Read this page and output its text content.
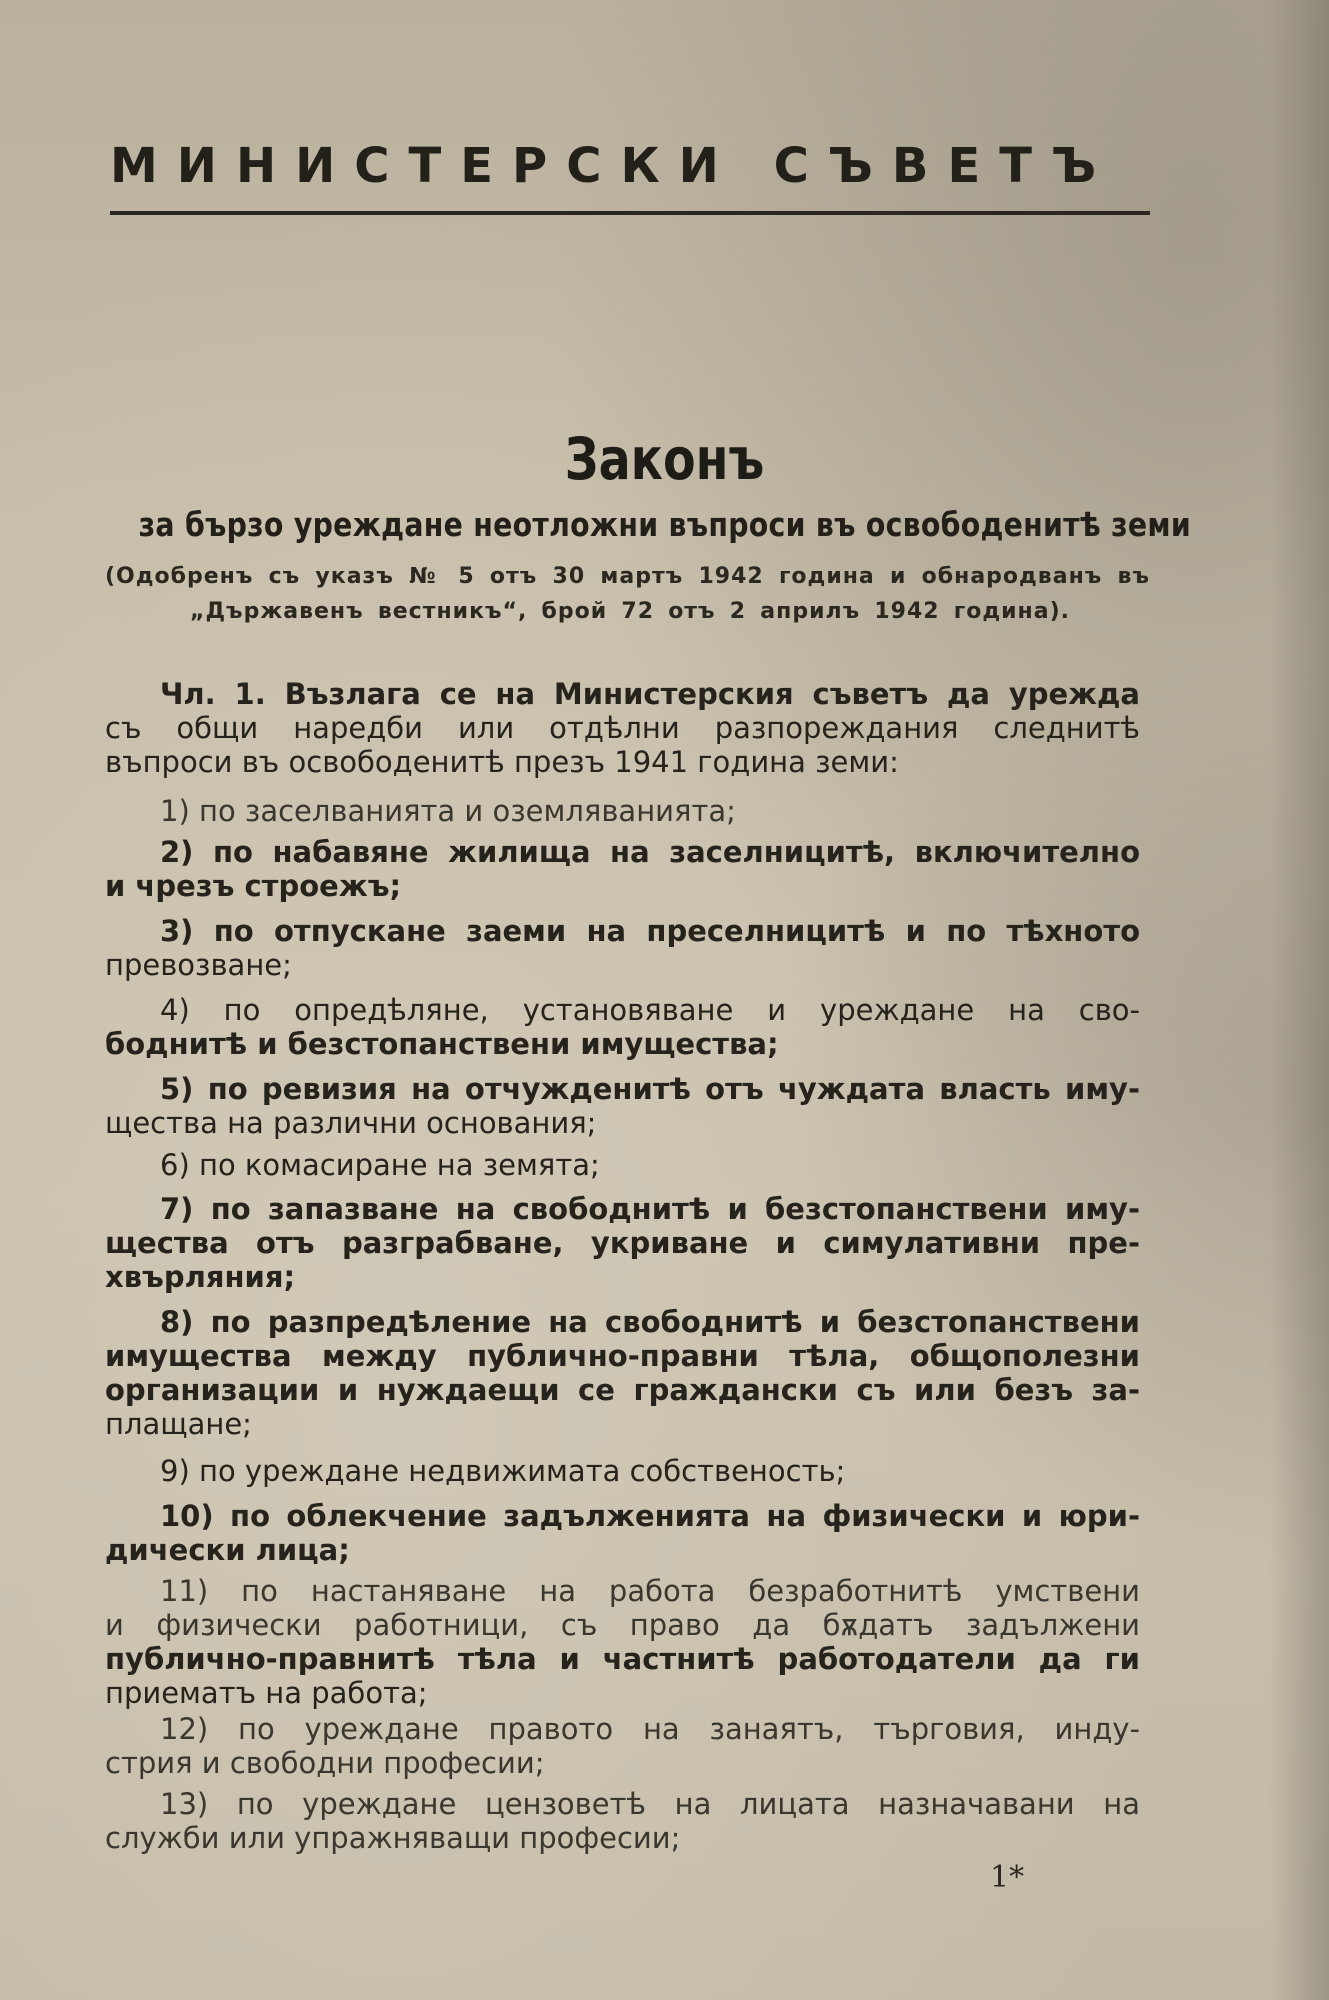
МИНИСТЕРСКИ СЪВЕТЪ
Законъ

за бързо уреждане неотложни въпроси въ освободенитѣ земи

(Одобренъ съ указъ № 5 отъ 30 мартъ 1942 година и обнародванъ въ

„Държавенъ вестникъ“, брой 72 отъ 2 априлъ 1942 година).

Чл. 1. Възлага се на Министерския съветъ да урежда

съ общи наредби или отдѣлни разпореждания следнитѣ

въпроси въ освободенитѣ презъ 1941 година земи:

1) по заселванията и оземляванията;

2) по набавяне жилища на заселницитѣ, включително

и чрезъ строежъ;

3) по отпускане заеми на преселницитѣ и по тѣхното

превозване;

4) по опредѣляне, установяване и уреждане на сво-

боднитѣ и безстопанствени имущества;

5) по ревизия на отчужденитѣ отъ чуждата власть иму-

щества на различни основания;

6) по комасиране на земята;

7) по запазване на свободнитѣ и безстопанствени иму-

щества отъ разграбване, укриване и симулативни пре-

хвърляния;

8) по разпредѣление на свободнитѣ и безстопанствени

имущества между публично-правни тѣла, общополезни

организации и нуждаещи се граждански съ или безъ за-

плащане;

9) по уреждане недвижимата собственость;

10) по облекчение задълженията на физически и юри-

дически лица;

11) по настаняване на работа безработнитѣ умствени

и физически работници, съ право да бѫдатъ задължени

публично-правнитѣ тѣла и частнитѣ работодатели да ги

приематъ на работа;

12) по уреждане правото на занаятъ, търговия, инду-

стрия и свободни професии;

13) по уреждане цензоветѣ на лицата назначавани на

служби или упражняващи професии;

1*
